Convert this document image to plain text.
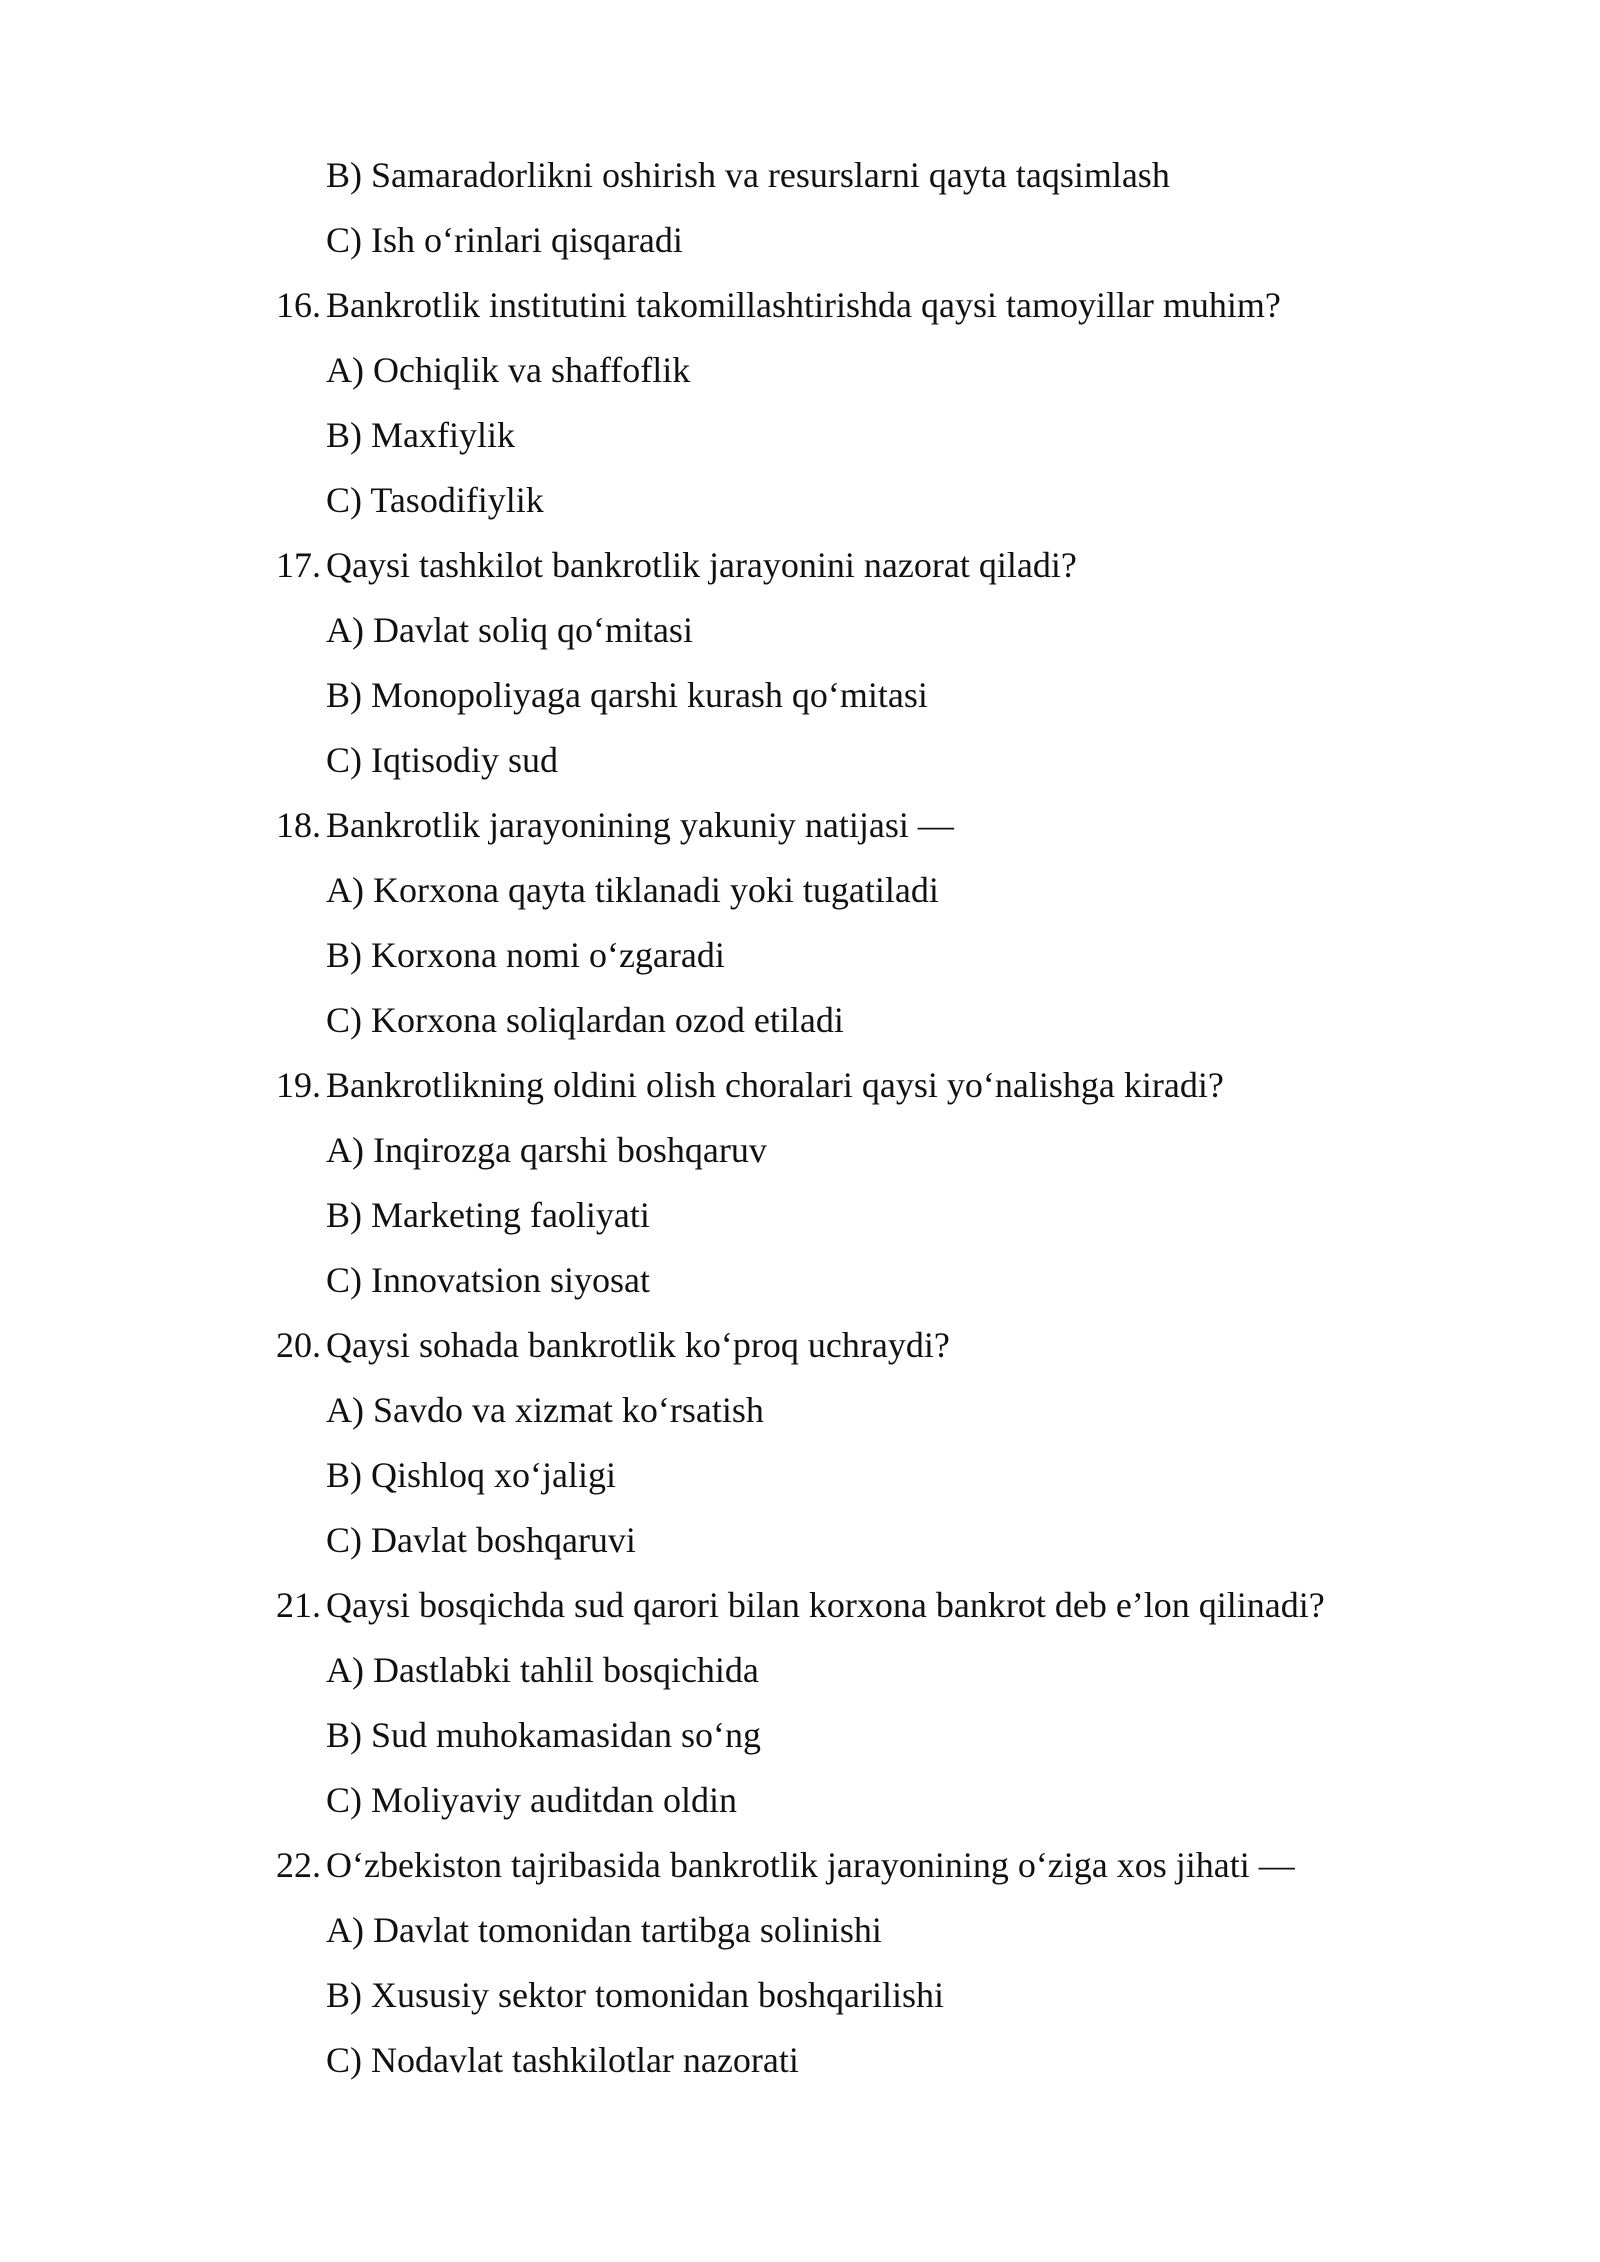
B) Samaradorlikni oshirish va resurslarni qayta taqsimlash
C) Ish o‘rinlari qisqaradi
16. Bankrotlik institutini takomillashtirishda qaysi tamoyillar muhim?
A) Ochiqlik va shaffoflik
B) Maxfiylik
C) Tasodifiylik
17. Qaysi tashkilot bankrotlik jarayonini nazorat qiladi?
A) Davlat soliq qo‘mitasi
B) Monopoliyaga qarshi kurash qo‘mitasi
C) Iqtisodiy sud
18. Bankrotlik jarayonining yakuniy natijasi —
A) Korxona qayta tiklanadi yoki tugatiladi
B) Korxona nomi o‘zgaradi
C) Korxona soliqlardan ozod etiladi
19. Bankrotlikning oldini olish choralari qaysi yo‘nalishga kiradi?
A) Inqirozga qarshi boshqaruv
B) Marketing faoliyati
C) Innovatsion siyosat
20. Qaysi sohada bankrotlik ko‘proq uchraydi?
A) Savdo va xizmat ko‘rsatish
B) Qishloq xo‘jaligi
C) Davlat boshqaruvi
21. Qaysi bosqichda sud qarori bilan korxona bankrot deb e’lon qilinadi?
A) Dastlabki tahlil bosqichida
B) Sud muhokamasidan so‘ng
C) Moliyaviy auditdan oldin
22. O‘zbekiston tajribasida bankrotlik jarayonining o‘ziga xos jihati —
A) Davlat tomonidan tartibga solinishi
B) Xususiy sektor tomonidan boshqarilishi
C) Nodavlat tashkilotlar nazorati
